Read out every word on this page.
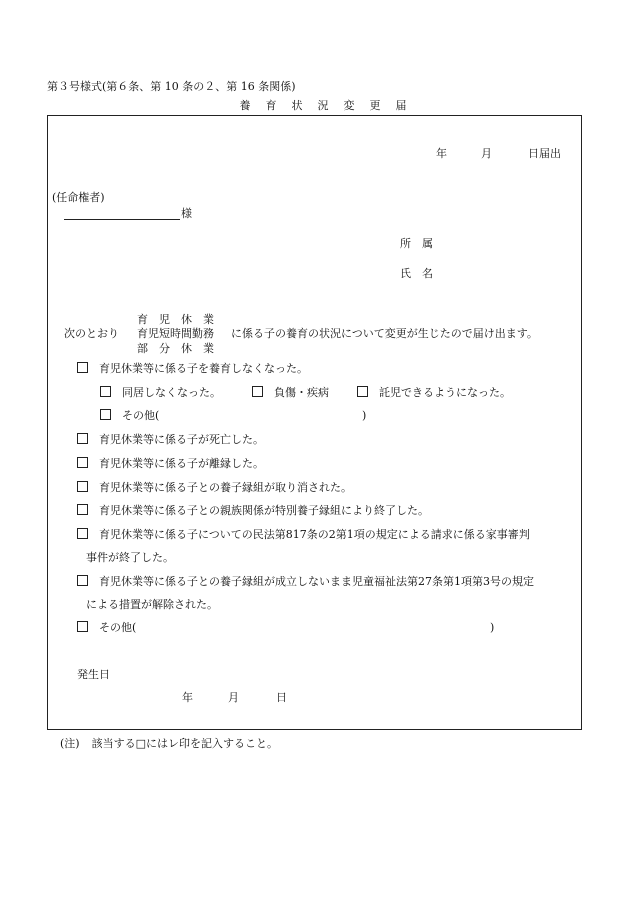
第３号様式(第６条、第 10 条の２、第 16 条関係)
養 育 状 況 変 更 届
年	月	日届出
(任命権者)
様
所　属
氏　名
育　児　休　業
次のとおり 育児短時間勤務 に係る子の養育の状況について変更が生じたので届け出ます。
部　分　休　業
育児休業等に係る子を養育しなくなった。
同居しなくなった。	負傷・疾病	託児できるようになった。
その他(	)
育児休業等に係る子が死亡した。
育児休業等に係る子が離縁した。
育児休業等に係る子との養子縁組が取り消された。
育児休業等に係る子との親族関係が特別養子縁組により終了した。
育児休業等に係る子についての民法第817条の2第1項の規定による請求に係る家事審判
事件が終了した。
育児休業等に係る子との養子縁組が成立しないまま児童福祉法第27条第1項第3号の規定
による措置が解除された。
その他(	)
発生日
年	月	日
(注) 該当する□にはレ印を記入すること。
